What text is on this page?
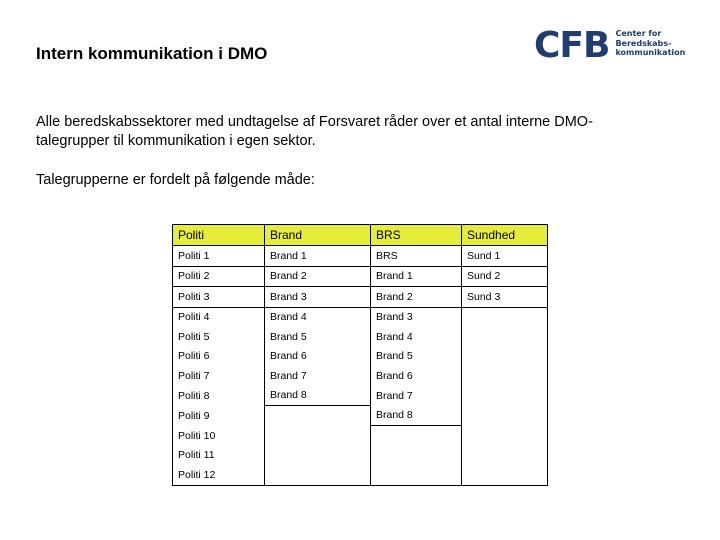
Intern kommunikation i DMO	CFB Center for
Beredskabs-
kommunikation
Alle beredskabssektorer med undtagelse af Forsvaret råder over et antal interne DMO-talegrupper til kommunikation i egen sektor.
Talegrupperne er fordelt på følgende måde:
Politi	Brand	BRS	Sundhed
Politi 1	Brand 1	BRS	Sund 1
Politi 2	Brand 2	Brand 1	Sund 2
Politi 3	Brand 3	Brand 2	Sund 3
Politi 4	Brand 4	Brand 3	
Politi 5	Brand 5	Brand 4	
Politi 6	Brand 6	Brand 5	
Politi 7	Brand 7	Brand 6	
Politi 8	Brand 8	Brand 7	
Politi 9		Brand 8	
Politi 10			
Politi 11			
Politi 12			
